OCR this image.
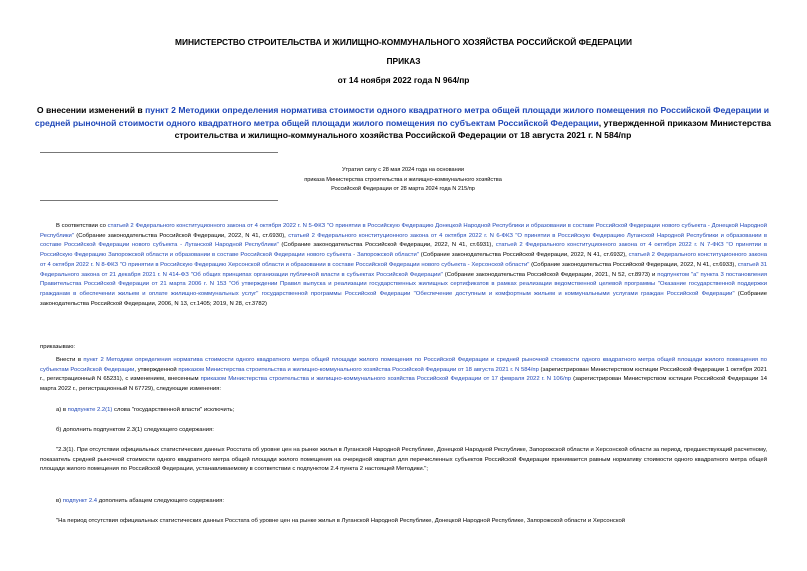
МИНИСТЕРСТВО СТРОИТЕЛЬСТВА И ЖИЛИЩНО-КОММУНАЛЬНОГО ХОЗЯЙСТВА РОССИЙСКОЙ ФЕДЕРАЦИИ
ПРИКАЗ
от 14 ноября 2022 года N 964/пр
О внесении изменений в пункт 2 Методики определения норматива стоимости одного квадратного метра общей площади жилого помещения по Российской Федерации и средней рыночной стоимости одного квадратного метра общей площади жилого помещения по субъектам Российской Федерации, утвержденной приказом Министерства строительства и жилищно-коммунального хозяйства Российской Федерации от 18 августа 2021 г. N 584/пр
Утратил силу с 28 мая 2024 года на основании
приказа Министерства строительства и жилищно-коммунального хозяйства
Российской Федерации от 28 марта 2024 года N 215/пр
В соответствии со статьей 2 Федерального конституционного закона от 4 октября 2022 г. N 5-ФКЗ "О принятии в Российскую Федерацию Донецкой Народной Республики и образовании в составе Российской Федерации нового субъекта - Донецкой Народной Республики" (Собрание законодательства Российской Федерации, 2022, N 41, ст.6930), статьей 2 Федерального конституционного закона от 4 октября 2022 г. N 6-ФКЗ "О принятии в Российскую Федерацию Луганской Народной Республики и образовании в составе Российской Федерации нового субъекта - Луганской Народной Республики" (Собрание законодательства Российской Федерации, 2022, N 41, ст.6931), статьей 2 Федерального конституционного закона от 4 октября 2022 г. N 7-ФКЗ "О принятии в Российскую Федерацию Запорожской области и образовании в составе Российской Федерации нового субъекта - Запорожской области" (Собрание законодательства Российской Федерации, 2022, N 41, ст.6932), статьей 2 Федерального конституционного закона от 4 октября 2022 г. N 8-ФКЗ "О принятии в Российскую Федерацию Херсонской области и образовании в составе Российской Федерации нового субъекта - Херсонской области" (Собрание законодательства Российской Федерации, 2022, N 41, ст.6933), статьей 31 Федерального закона от 21 декабря 2021 г. N 414-ФЗ "Об общих принципах организации публичной власти в субъектах Российской Федерации" (Собрание законодательства Российской Федерации, 2021, N 52, ст.8973) и подпунктом "а" пункта 3 постановления Правительства Российской Федерации от 21 марта 2006 г. N 153 "Об утверждении Правил выпуска и реализации государственных жилищных сертификатов в рамках реализации ведомственной целевой программы "Оказание государственной поддержки гражданам в обеспечении жильем и оплате жилищно-коммунальных услуг" государственной программы Российской Федерации "Обеспечение доступным и комфортным жильем и коммунальными услугами граждан Российской Федерации" (Собрание законодательства Российской Федерации, 2006, N 13, ст.1405; 2019, N 28, ст.3782)
приказываю:
Внести в пункт 2 Методики определения норматива стоимости одного квадратного метра общей площади жилого помещения по Российской Федерации и средней рыночной стоимости одного квадратного метра общей площади жилого помещения по субъектам Российской Федерации, утвержденной приказом Министерства строительства и жилищно-коммунального хозяйства Российской Федерации от 18 августа 2021 г. N 584/пр (зарегистрирован Министерством юстиции Российской Федерации 1 октября 2021 г., регистрационный N 65231), с изменением, внесенным приказом Министерства строительства и жилищно-коммунального хозяйства Российской Федерации от 17 февраля 2022 г. N 106/пр (зарегистрирован Министерством юстиции Российской Федерации 14 марта 2022 г., регистрационный N 67729), следующие изменения:
а) в подпункте 2.2(1) слова "государственной власти" исключить;
б) дополнить подпунктом 2.3(1) следующего содержания:
"2.3(1). При отсутствии официальных статистических данных Росстата об уровне цен на рынке жилья в Луганской Народной Республике, Донецкой Народной Республике, Запорожской области и Херсонской области за период, предшествующий расчетному, показатель средней рыночной стоимости одного квадратного метра общей площади жилого помещения на очередной квартал для перечисленных субъектов Российской Федерации принимается равным нормативу стоимости одного квадратного метра общей площади жилого помещения по Российской Федерации, устанавливаемому в соответствии с подпунктом 2.4 пункта 2 настоящей Методики.";
в) подпункт 2.4 дополнить абзацем следующего содержания:
"На период отсутствия официальных статистических данных Росстата об уровне цен на рынке жилья в Луганской Народной Республике, Донецкой Народной Республике, Запорожской области и Херсонской
